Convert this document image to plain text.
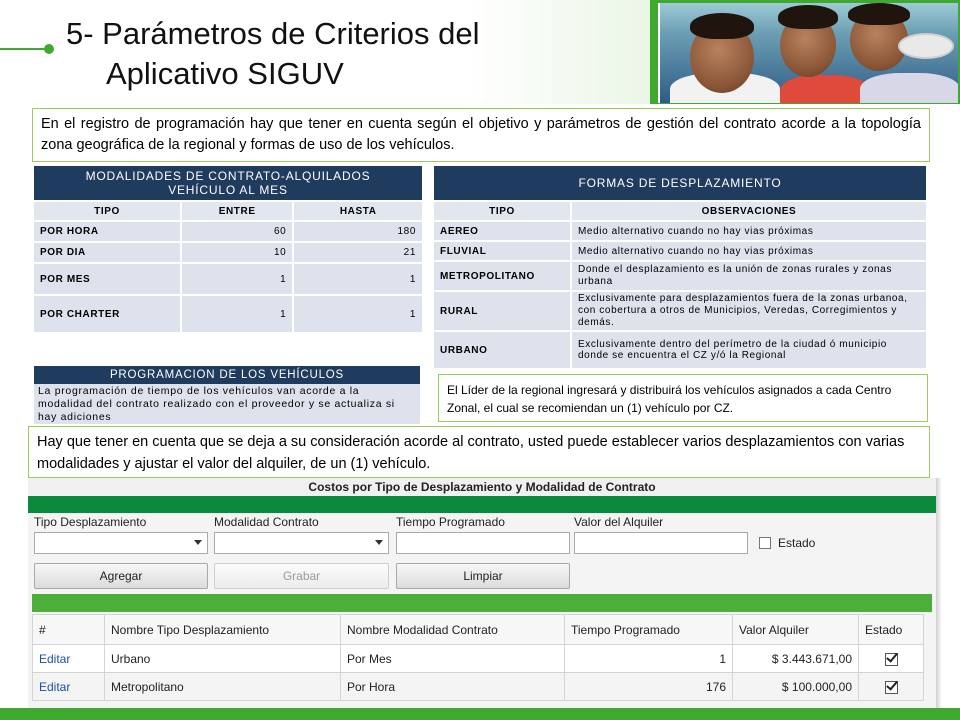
5- Parámetros de Criterios del
Aplicativo SIGUV
En el registro de programación hay que tener en cuenta según el objetivo y parámetros de gestión del contrato acorde a la topología zona geográfica de la regional y formas de uso de los vehículos.
MODALIDADES DE CONTRATO-ALQUILADOS VEHÍCULO AL MES		
TIPO	ENTRE	HASTA
POR HORA	60	180
POR DIA	10	21
POR MES	1	1
POR CHARTER	1	1
FORMAS DE DESPLAZAMIENTO	
TIPO	OBSERVACIONES
AEREO	Medio alternativo cuando no hay vias próximas
FLUVIAL	Medio alternativo cuando no hay vias próximas
METROPOLITANO	Donde el desplazamiento es la unión de zonas rurales y zonas urbana
RURAL	Exclusivamente para desplazamientos fuera de la zonas urbanoa, con cobertura a otros de Municipios, Veredas, Corregimientos y demás.
URBANO	Exclusivamente dentro del perímetro de la ciudad ó municipio donde se encuentra el CZ y/ó la Regional
PROGRAMACION DE LOS VEHÍCULOS
La programación de tiempo de los vehículos van acorde a la modalidad del contrato realizado con el proveedor y se actualiza si hay adiciones
El Líder de la regional ingresará y distribuirá los vehículos asignados a cada Centro Zonal, el cual se recomiendan un (1) vehículo por CZ.
Hay que tener en cuenta que se deja a su consideración acorde al contrato, usted puede establecer varios desplazamientos con varias modalidades y ajustar el valor del alquiler, de un (1) vehículo.
Costos por Tipo de Desplazamiento y Modalidad de Contrato
Tipo Desplazamiento	Modalidad Contrato	Tiempo Programado	Valor del Alquiler
Estado
Agregar	Grabar	Limpiar
#	Nombre Tipo Desplazamiento	Nombre Modalidad Contrato	Tiempo Programado	Valor Alquiler	Estado
Editar	Urbano	Por Mes	1	$ 3.443.671,00	

Editar	Metropolitano	Por Hora	176	$ 100.000,00	
